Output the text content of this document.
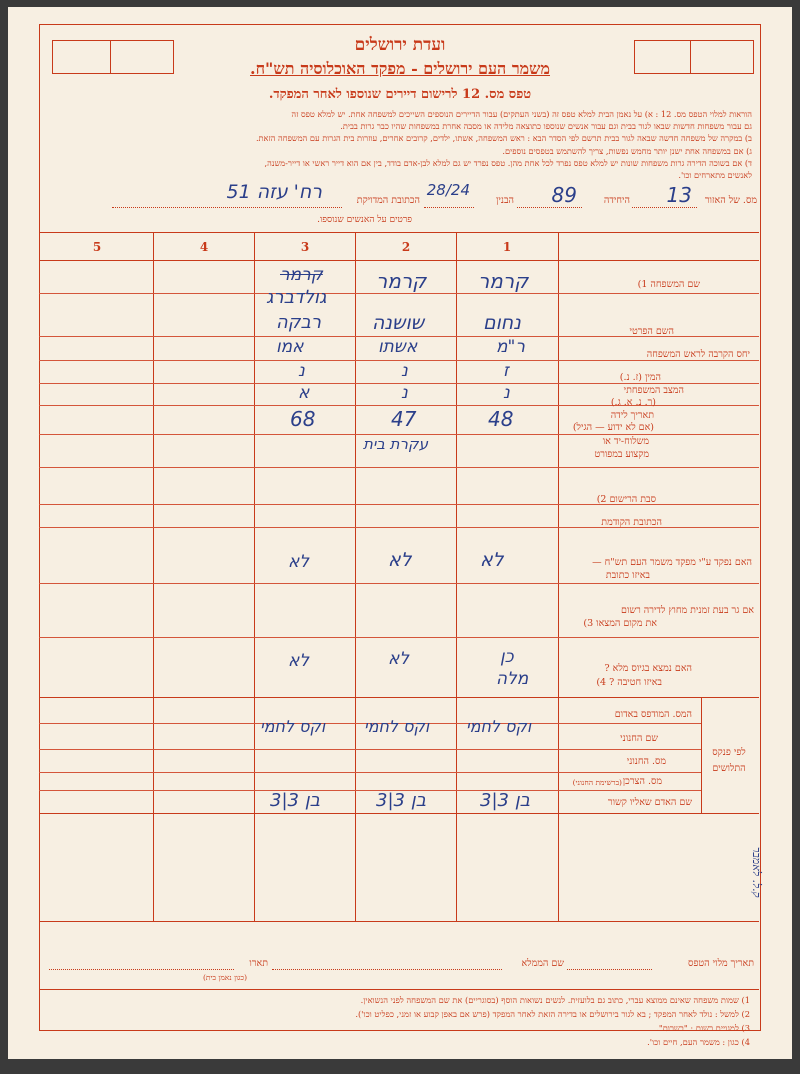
ועדת ירושלים
משמר העם ירושלים - מפקד האוכלוסיה תש"ח.
טפס מס. 12 לרישום דיירים שנוספו לאחר המפקד.
הוראות למלוי הטפס מס. 12 : א) על נאמן הבית למלא טפס זה (בשני העתקים) עבור הדיירים הנוספים השייכים למשפחה אחת. יש למלא טפס זה
גם עבור משפחות חדשות שבאו לגור בבית וגם עבור אנשים שנוספו כתוצאה מלידה או מסבה אחרת במשפחות שהיו כבר גרות בבית.
ב) במקרה של משפחה חדשה שבאה לגור בבית תרשם לפי הסדר הבא : ראש המשפחה, אשתו, ילדים, קרובים אחרים, עוזרות בית הגרות עם המשפחה הזאת.
ג) אם במשפחה אחת ישנן יותר מחמש נפשות, צריך להשתמש בטפסים נוספים.
ד) אם בשוכה הדירה גרות משפחות שונות יש למלא טפס נפרד לכל אחת מהן. טפס נפרד יש גם למלא לבן-אדם בודד, בין אם הוא דייר ראשי או דייר-משנה,
לאנשים מתארחים וכו'.
מס. של האזור
13
היחידה
89
הבנין
28/24
הכתובת המדויקת
רח' עזה 51
פרטים על האנשים שנוספו.
1
2
3
4
5
שם המשפחה 1)
השם הפרטי
יחס הקרבה לראש המשפחה
המין (ז. נ.)
המצב המשפחתי
(ר. נ. א. ג.)
תאריך לידה
(אם לא ידוע — הגיל)
משלוח-יד או
מקצוע במפורט
סבת הרישום 2)
הכתובת הקודמת
האם נפקד ע"י מפקד משמר העם תש"ח —
באיזו כתובת
אם גר בעת זמנית מחוץ לדירה רשום
את מקום המצאו 3)
האם נמצא בגיוס מלא ?
באיזו חטיבה ? 4)
לפי פנקס התלושים
המס. המודפס באדום
שם החנוני
מס. החנוני
מס. הצרכן
(ברשימת החנוני)
שם האדם שאליו קשור
קרמר
נחום
ר"מ
ז
נ
48
לא
כן
מלה
וקס לחמי
בן 3|3
קרמר
שושנה
אשתו
נ
נ
47
עקרת בית
לא
לא
וקס לחמי
בן 3|3
קרמר
גולדברג
רבקה
אמו
נ
א
68
לא
לא
וקס לחמי
בן 3|3
ק.ל. לאמבר
תאריך מלוי הטפס
שם הממלא
תארו
(כגון נאמן בית)
1) שמות משפחה שאינם ממוצא עברי, כתוב גם בלועזית. לנשים נשואות הוסף (בסוגריים) את שם המשפחה לפני הנשואין.
2) למשל : נולד לאחר המפקד ; בא לגור בירושלים או בדירה הזאת לאחר המפקד (פרש אם באפן קבוע או זמני, כפליט וכו').
3) למגויים רשום : "בשרות".
4) כגון : משמר העם, חיים וכו'.
